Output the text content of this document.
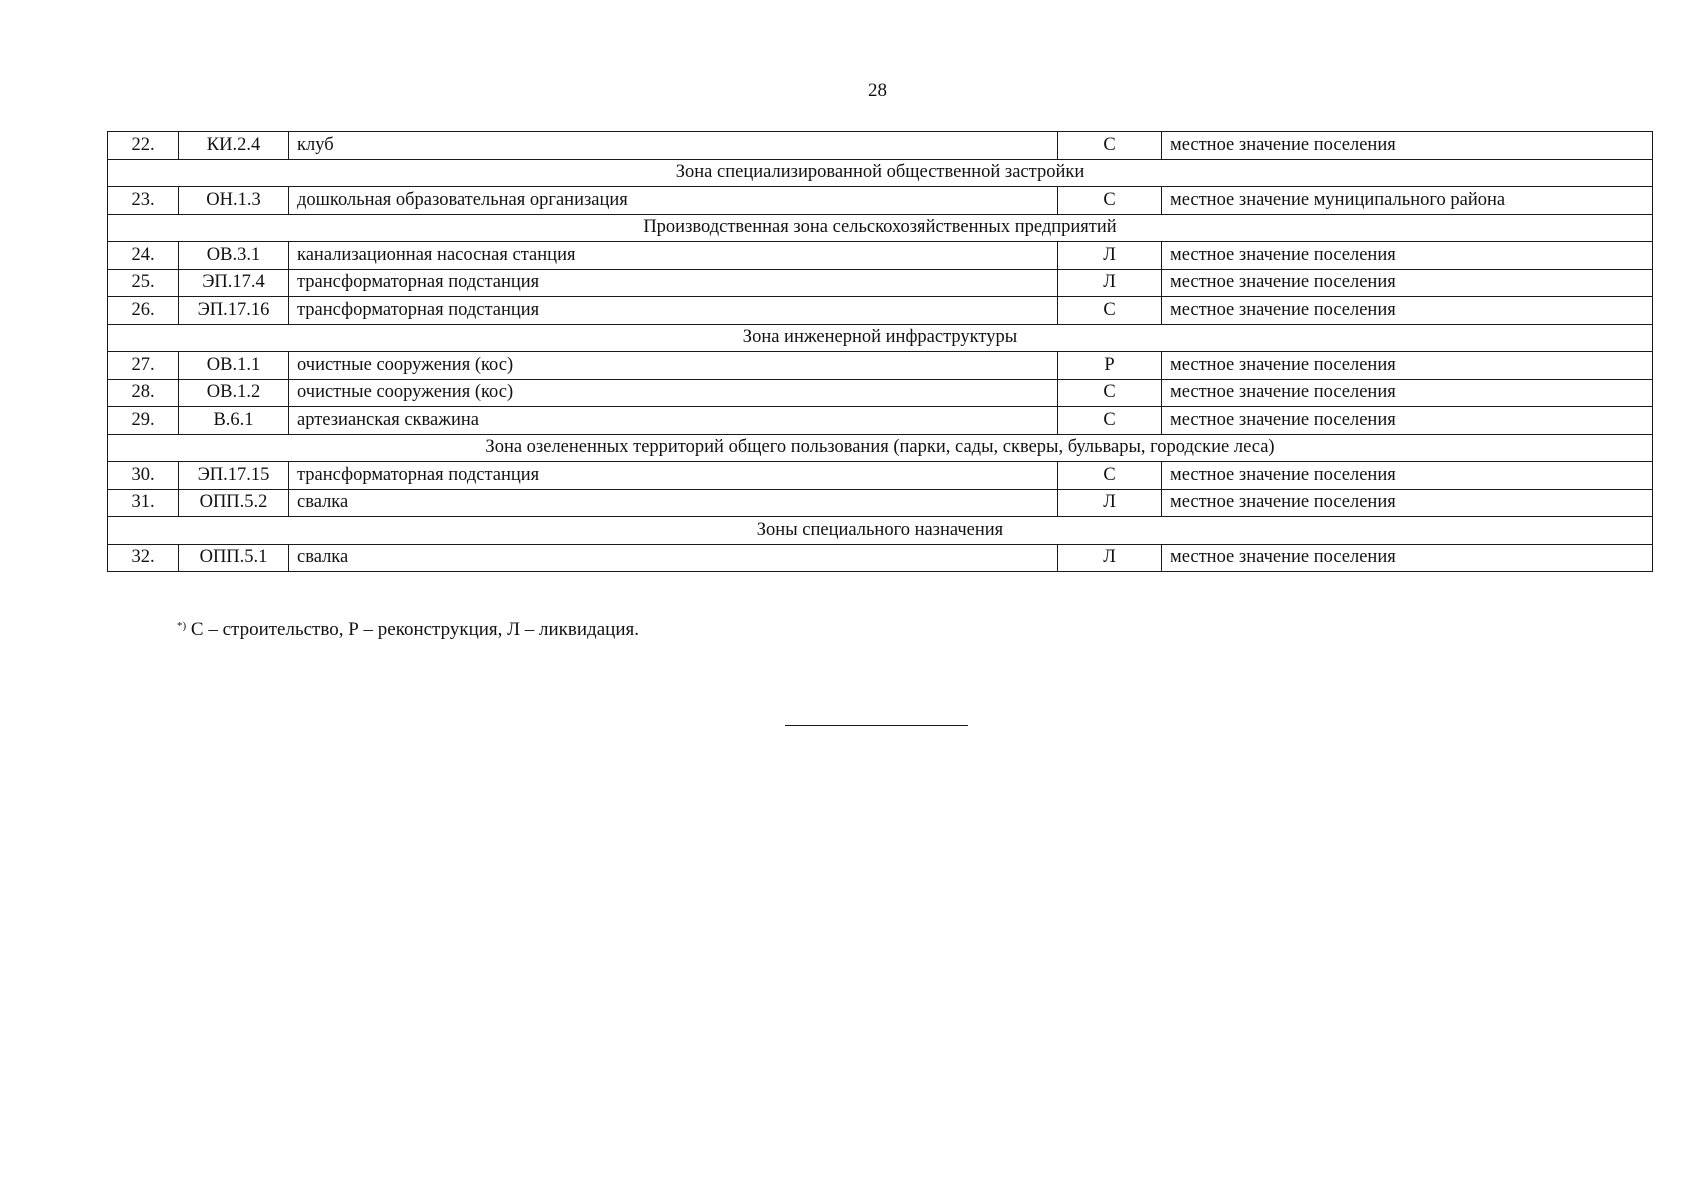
28
22.	КИ.2.4	клуб	С	местное значение поселения
Зона специализированной общественной застройки				
23.	ОН.1.3	дошкольная образовательная организация	С	местное значение муниципального района
Производственная зона сельскохозяйственных предприятий				
24.	ОВ.3.1	канализационная насосная станция	Л	местное значение поселения
25.	ЭП.17.4	трансформаторная подстанция	Л	местное значение поселения
26.	ЭП.17.16	трансформаторная подстанция	С	местное значение поселения
Зона инженерной инфраструктуры				
27.	ОВ.1.1	очистные сооружения (кос)	Р	местное значение поселения
28.	ОВ.1.2	очистные сооружения (кос)	С	местное значение поселения
29.	В.6.1	артезианская скважина	С	местное значение поселения
Зона озелененных территорий общего пользования (парки, сады, скверы, бульвары, городские леса)				
30.	ЭП.17.15	трансформаторная подстанция	С	местное значение поселения
31.	ОПП.5.2	свалка	Л	местное значение поселения
Зоны специального назначения				
32.	ОПП.5.1	свалка	Л	местное значение поселения
*) С – строительство, Р – реконструкция, Л – ликвидация.
